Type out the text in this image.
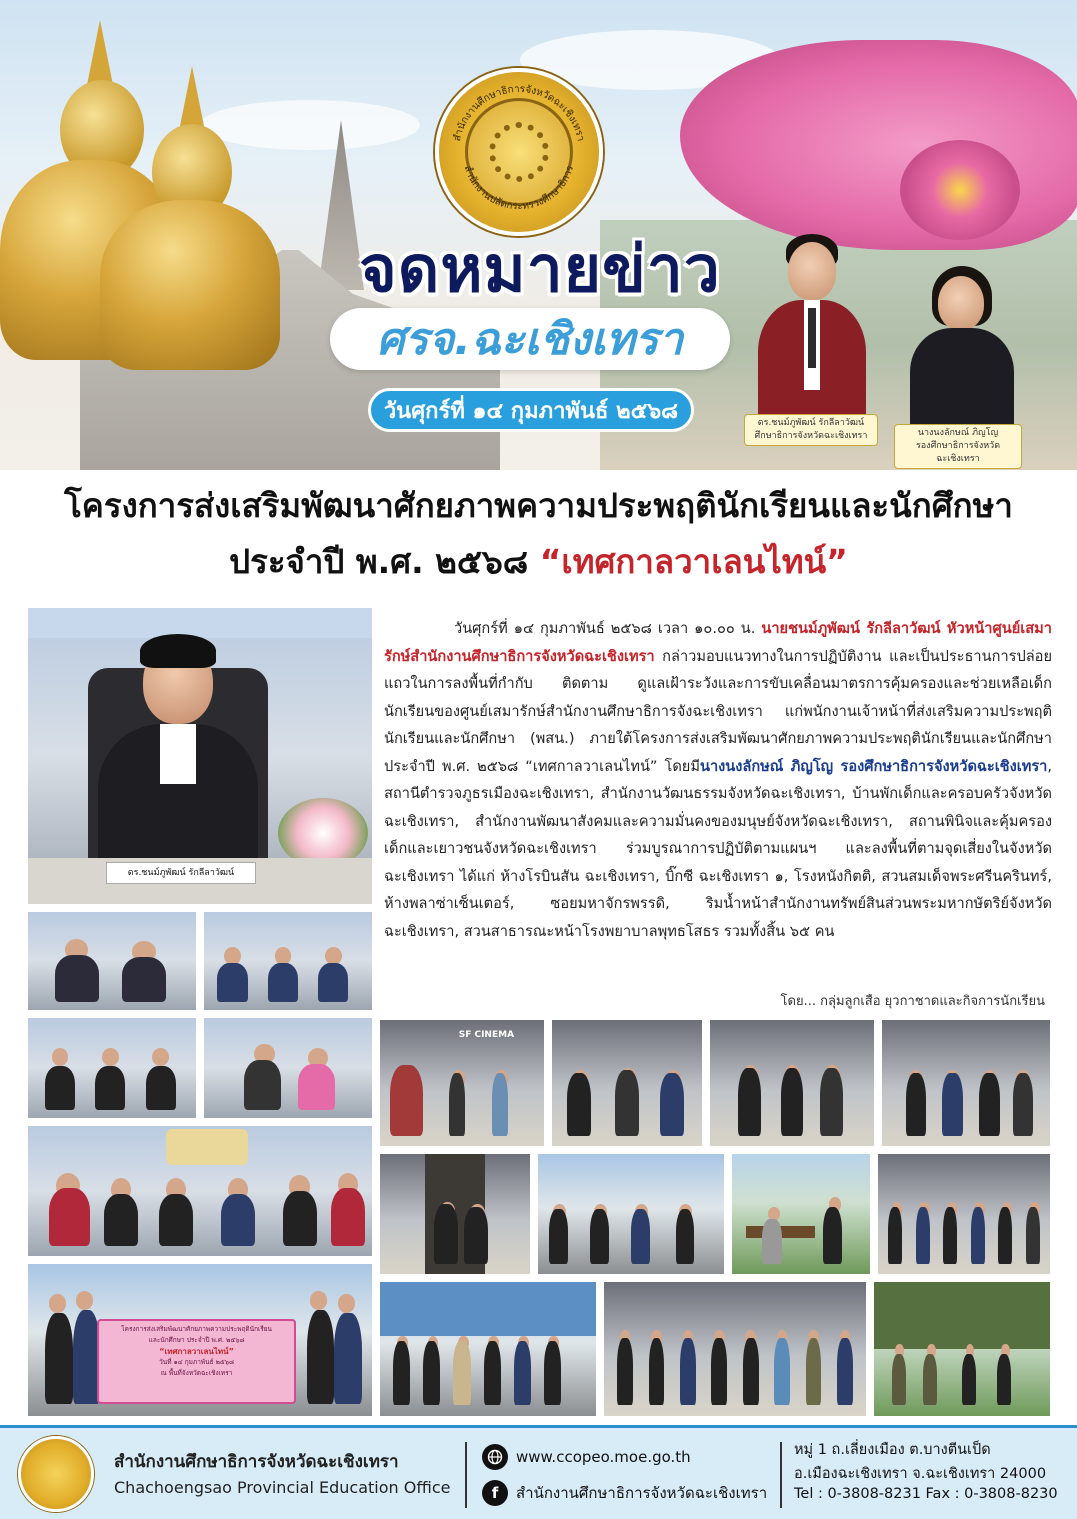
สำนักงานศึกษาธิการจังหวัดฉะเชิงเทรา
สำนักงานปลัดกระทรวงศึกษาธิการ
จดหมายข่าว
ศรจ.ฉะเชิงเทรา
วันศุกร์ที่ ๑๔ กุมภาพันธ์ ๒๕๖๘	ดร.ชนม์ภูพัฒน์ รักลีลาวัฒน์
ศึกษาธิการจังหวัดฉะเชิงเทรา	นางนงลักษณ์ ภิญโญ
รองศึกษาธิการจังหวัดฉะเชิงเทรา
โครงการส่งเสริมพัฒนาศักยภาพความประพฤตินักเรียนและนักศึกษา
ประจำปี พ.ศ. ๒๕๖๘ “เทศกาลวาเลนไทน์”
ดร.ชนม์ภูพัฒน์ รักลีลาวัฒน์
วันศุกร์ที่ ๑๔ กุมภาพันธ์ ๒๕๖๘ เวลา ๑๐.๐๐ น. นายชนม์ภูพัฒน์ รักลีลาวัฒน์ หัวหน้าศูนย์เสมารักษ์สำนักงานศึกษาธิการจังหวัดฉะเชิงเทรา กล่าวมอบแนวทางในการปฏิบัติงาน และเป็นประธานการปล่อยแถวในการลงพื้นที่กำกับ ติดตาม ดูแลเฝ้าระวังและการขับเคลื่อนมาตรการคุ้มครองและช่วยเหลือเด็กนักเรียนของศูนย์เสมารักษ์สำนักงานศึกษาธิการจังฉะเชิงเทรา แก่พนักงานเจ้าหน้าที่ส่งเสริมความประพฤตินักเรียนและนักศึกษา (พสน.) ภายใต้โครงการส่งเสริมพัฒนาศักยภาพความประพฤตินักเรียนและนักศึกษา ประจำปี พ.ศ. ๒๕๖๘ “เทศกาลวาเลนไทน์” โดยมีนางนงลักษณ์ ภิญโญ รองศึกษาธิการจังหวัดฉะเชิงเทรา, สถานีตำรวจภูธรเมืองฉะเชิงเทรา, สำนักงานวัฒนธรรมจังหวัดฉะเชิงเทรา, บ้านพักเด็กและครอบครัวจังหวัดฉะเชิงเทรา, สำนักงานพัฒนาสังคมและความมั่นคงของมนุษย์จังหวัดฉะเชิงเทรา, สถานพินิจและคุ้มครองเด็กและเยาวชนจังหวัดฉะเชิงเทรา ร่วมบูรณาการปฏิบัติตามแผนฯ และลงพื้นที่ตามจุดเสี่ยงในจังหวัดฉะเชิงเทรา ได้แก่ ห้างโรบินสัน ฉะเชิงเทรา, บิ๊กซี ฉะเชิงเทรา ๑, โรงหนังกิตติ, สวนสมเด็จพระศรีนครินทร์, ห้างพลาซ่าเซ็นเตอร์, ซอยมหาจักรพรรดิ, ริมน้ำหน้าสำนักงานทรัพย์สินส่วนพระมหากษัตริย์จังหวัดฉะเชิงเทรา, สวนสาธารณะหน้าโรงพยาบาลพุทธโสธร รวมทั้งสิ้น ๖๕ คน
โดย... กลุ่มลูกเสือ ยุวกาชาดและกิจการนักเรียน
โครงการส่งเสริมพัฒนาศักยภาพความประพฤตินักเรียน
และนักศึกษา ประจำปี พ.ศ. ๒๕๖๘
“เทศกาลวาเลนไทน์”
วันที่ ๑๔ กุมภาพันธ์ ๒๕๖๘
ณ พื้นที่จังหวัดฉะเชิงเทรา
SF CINEMA
สำนักงานศึกษาธิการจังหวัดฉะเชิงเทรา
Chachoengsao Provincial Education Office
www.ccopeo.moe.go.th
f	สำนักงานศึกษาธิการจังหวัดฉะเชิงเทรา
หมู่ 1 ถ.เลี่ยงเมือง ต.บางตีนเป็ด
อ.เมืองฉะเชิงเทรา จ.ฉะเชิงเทรา 24000
Tel : 0-3808-8231 Fax : 0-3808-8230
